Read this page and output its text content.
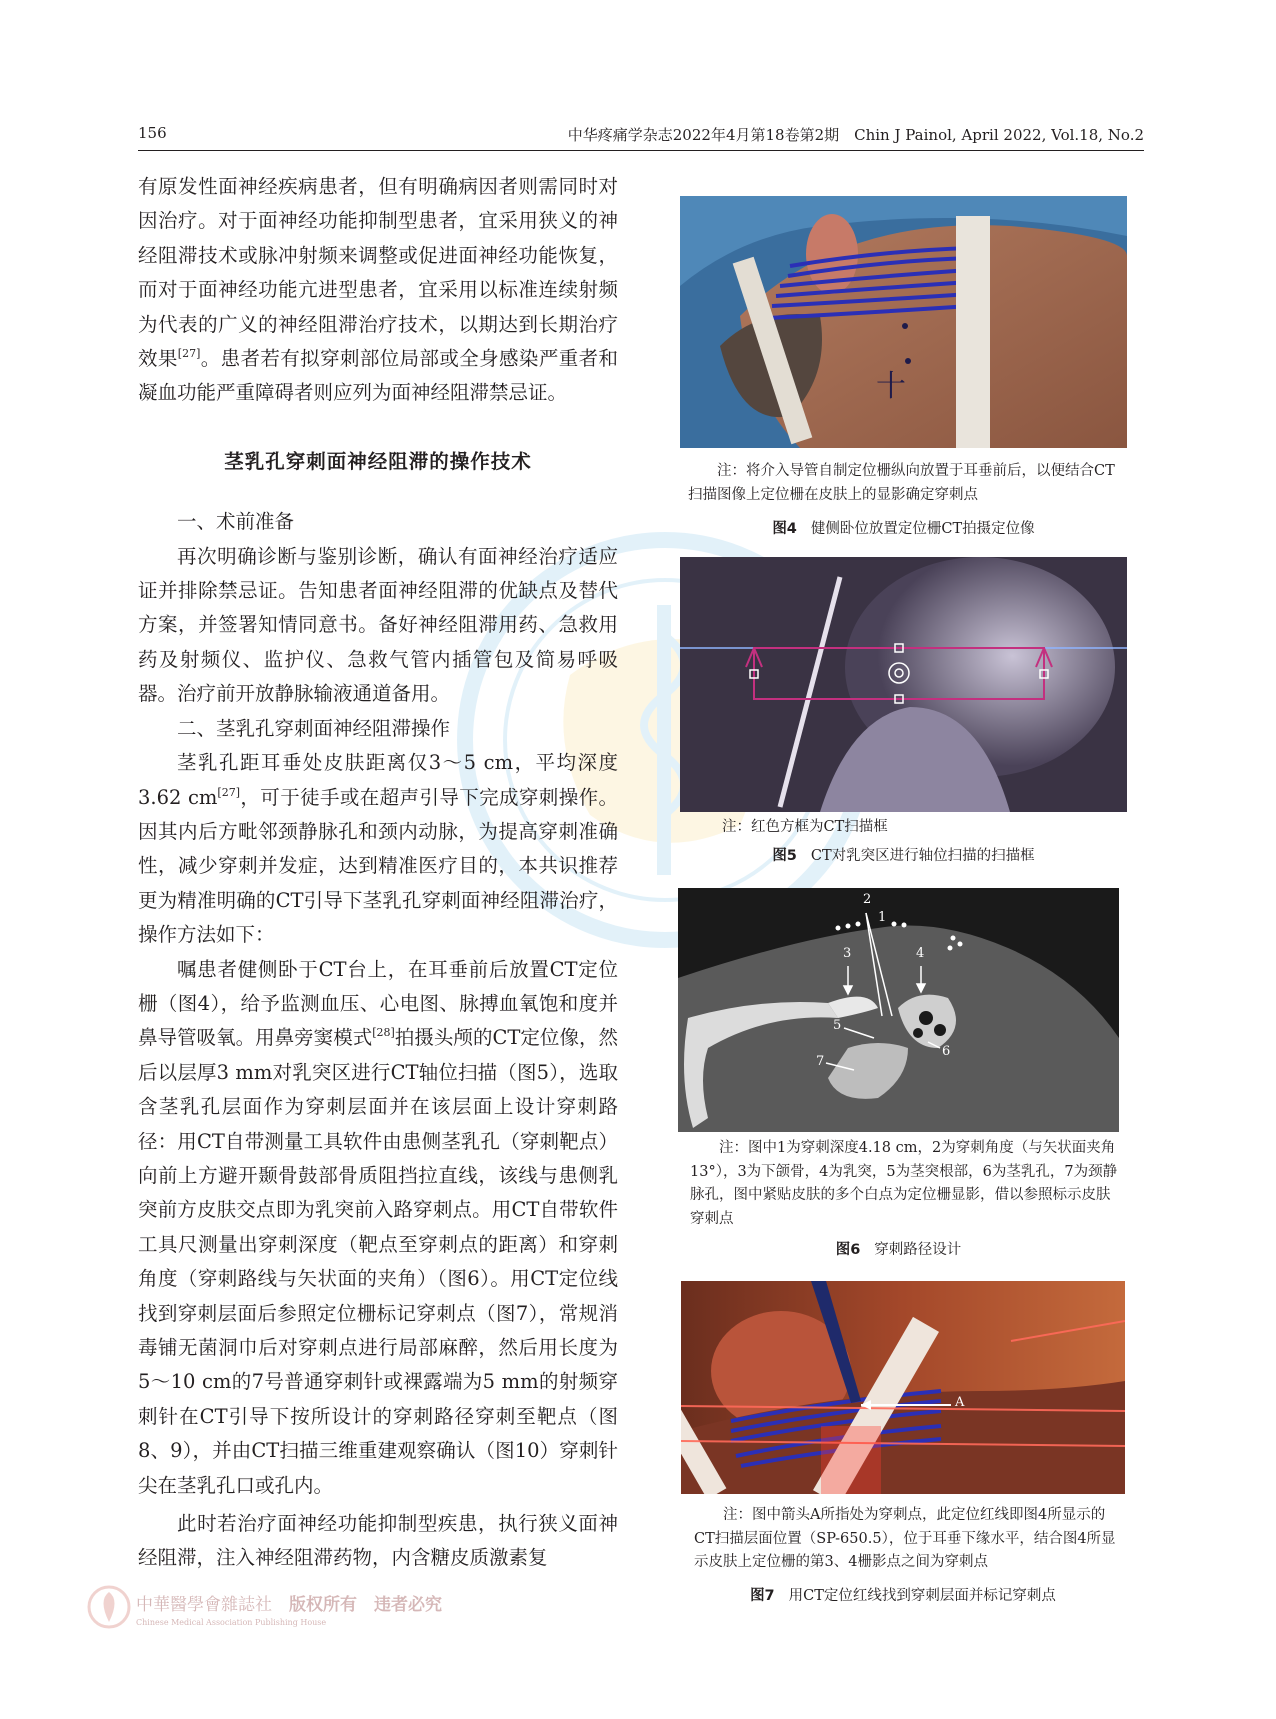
156	中华疼痛学杂志2022年4月第18卷第2期　Chin J Painol, April 2022, Vol.18, No.2

有原发性面神经疾病患者，但有明确病因者则需同时对因治疗。对于面神经功能抑制型患者，宜采用狭义的神经阻滞技术或脉冲射频来调整或促进面神经功能恢复，而对于面神经功能亢进型患者，宜采用以标准连续射频为代表的广义的神经阻滞治疗技术，以期达到长期治疗效果[27]。患者若有拟穿刺部位局部或全身感染严重者和凝血功能严重障碍者则应列为面神经阻滞禁忌证。

茎乳孔穿刺面神经阻滞的操作技术
一、术前准备

再次明确诊断与鉴别诊断，确认有面神经治疗适应证并排除禁忌证。告知患者面神经阻滞的优缺点及替代方案，并签署知情同意书。备好神经阻滞用药、急救用药及射频仪、监护仪、急救气管内插管包及简易呼吸器。治疗前开放静脉输液通道备用。

二、茎乳孔穿刺面神经阻滞操作

茎乳孔距耳垂处皮肤距离仅3～5 cm，平均深度3.62 cm[27]，可于徒手或在超声引导下完成穿刺操作。因其内后方毗邻颈静脉孔和颈内动脉，为提高穿刺准确性，减少穿刺并发症，达到精准医疗目的，本共识推荐更为精准明确的CT引导下茎乳孔穿刺面神经阻滞治疗，操作方法如下：

嘱患者健侧卧于CT台上，在耳垂前后放置CT定位栅（图4），给予监测血压、心电图、脉搏血氧饱和度并鼻导管吸氧。用鼻旁窦模式[28]拍摄头颅的CT定位像，然后以层厚3 mm对乳突区进行CT轴位扫描（图5），选取含茎乳孔层面作为穿刺层面并在该层面上设计穿刺路径：用CT自带测量工具软件由患侧茎乳孔（穿刺靶点）向前上方避开颞骨鼓部骨质阻挡拉直线，该线与患侧乳突前方皮肤交点即为乳突前入路穿刺点。用CT自带软件工具尺测量出穿刺深度（靶点至穿刺点的距离）和穿刺角度（穿刺路线与矢状面的夹角）（图6）。用CT定位线找到穿刺层面后参照定位栅标记穿刺点（图7），常规消毒铺无菌洞巾后对穿刺点进行局部麻醉，然后用长度为5～10 cm的7号普通穿刺针或裸露端为5 mm的射频穿刺针在CT引导下按所设计的穿刺路径穿刺至靶点（图8、9），并由CT扫描三维重建观察确认（图10）穿刺针尖在茎乳孔口或孔内。

此时若治疗面神经功能抑制型疾患，执行狭义面神经阻滞，注入神经阻滞药物，内含糖皮质激素复

十
注：将介入导管自制定位栅纵向放置于耳垂前后，以便结合CT扫描图像上定位栅在皮肤上的显影确定穿刺点
图4 健侧卧位放置定位栅CT拍摄定位像
注：红色方框为CT扫描框
图5 CT对乳突区进行轴位扫描的扫描框
1
2
3	4
5
6
7
注：图中1为穿刺深度4.18 cm，2为穿刺角度（与矢状面夹角13°），3为下颌骨，4为乳突，5为茎突根部，6为茎乳孔，7为颈静脉孔，图中紧贴皮肤的多个白点为定位栅显影，借以参照标示皮肤穿刺点
图6 穿刺路径设计
A
注：图中箭头A所指处为穿刺点，此定位红线即图4所显示的CT扫描层面位置（SP-650.5），位于耳垂下缘水平，结合图4所显示皮肤上定位栅的第3、4栅影点之间为穿刺点
图7 用CT定位红线找到穿刺层面并标记穿刺点
中華醫學會雜誌社　 版权所有　违者必究
Chinese Medical Association Publishing House
